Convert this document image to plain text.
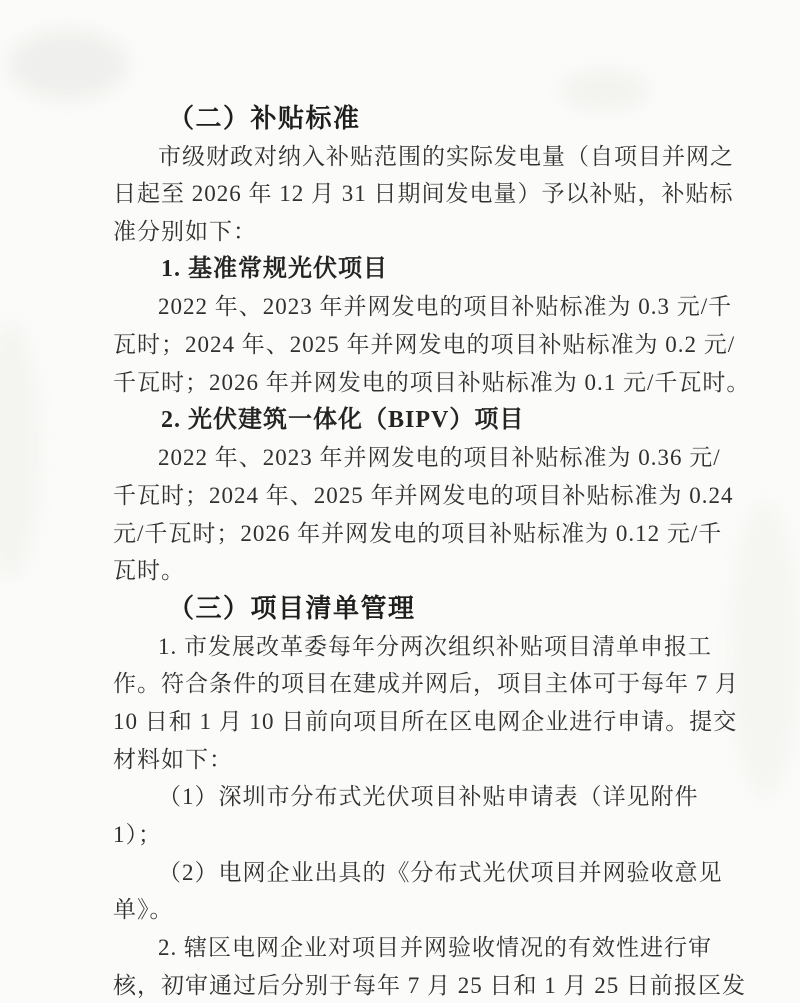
（二）补贴标准
市级财政对纳入补贴范围的实际发电量（自项目并网之
日起至 2026 年 12 月 31 日期间发电量）予以补贴，补贴标
准分别如下：
1. 基准常规光伏项目
2022 年、2023 年并网发电的项目补贴标准为 0.3 元/千
瓦时；2024 年、2025 年并网发电的项目补贴标准为 0.2 元/
千瓦时；2026 年并网发电的项目补贴标准为 0.1 元/千瓦时。
2. 光伏建筑一体化（BIPV）项目
2022 年、2023 年并网发电的项目补贴标准为 0.36 元/
千瓦时；2024 年、2025 年并网发电的项目补贴标准为 0.24
元/千瓦时；2026 年并网发电的项目补贴标准为 0.12 元/千
瓦时。
（三）项目清单管理
1. 市发展改革委每年分两次组织补贴项目清单申报工
作。符合条件的项目在建成并网后，项目主体可于每年 7 月
10 日和 1 月 10 日前向项目所在区电网企业进行申请。提交
材料如下：
（1）深圳市分布式光伏项目补贴申请表（详见附件
1）；
（2）电网企业出具的《分布式光伏项目并网验收意见
单》。
2. 辖区电网企业对项目并网验收情况的有效性进行审
核，初审通过后分别于每年 7 月 25 日和 1 月 25 日前报区发
